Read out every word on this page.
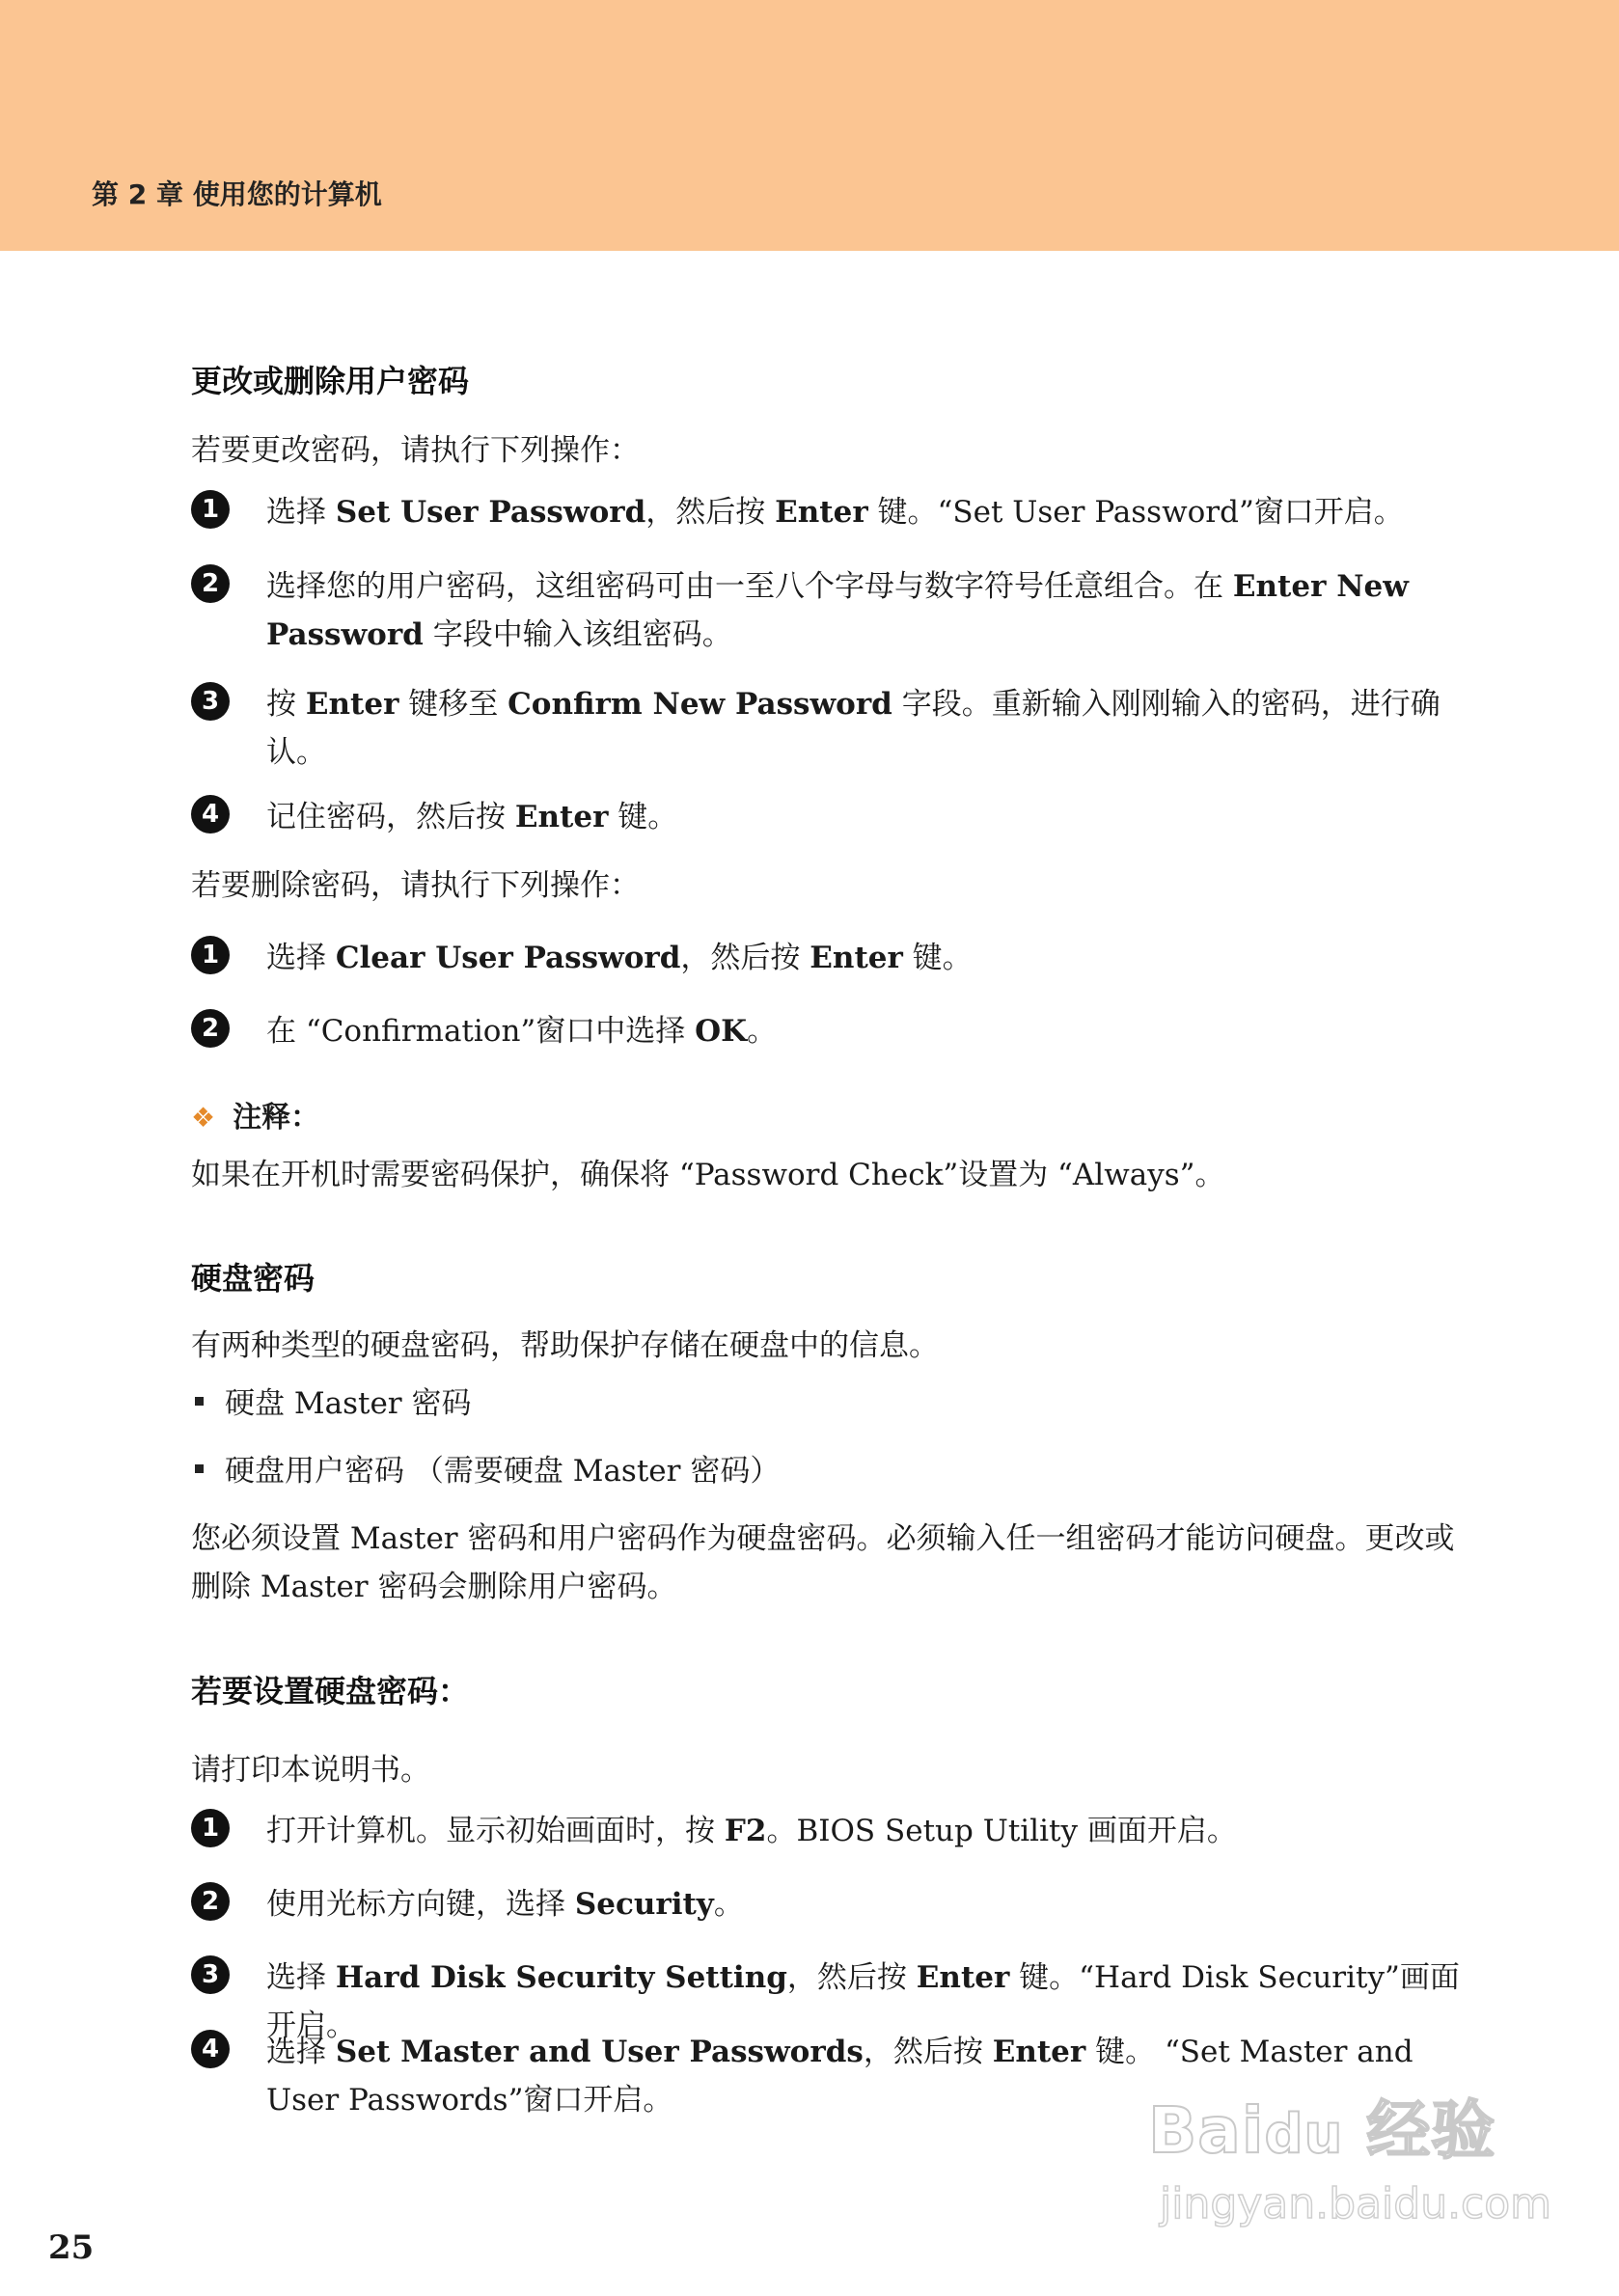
第 2 章 使用您的计算机
更改或删除用户密码
若要更改密码，请执行下列操作：
1	选择 Set User Password，然后按 Enter 键。“Set User Password”窗口开启。
2	选择您的用户密码，这组密码可由一至八个字母与数字符号任意组合。在 Enter New Password 字段中输入该组密码。
3	按 Enter 键移至 Confirm New Password 字段。重新输入刚刚输入的密码，进行确认。
4	记住密码，然后按 Enter 键。
若要删除密码，请执行下列操作：
1	选择 Clear User Password，然后按 Enter 键。
2	在 “Confirmation”窗口中选择 OK。
❖ 注释：
如果在开机时需要密码保护，确保将 “Password Check”设置为 “Always”。
硬盘密码
有两种类型的硬盘密码，帮助保护存储在硬盘中的信息。
硬盘 Master 密码
硬盘用户密码 （需要硬盘 Master 密码）
您必须设置 Master 密码和用户密码作为硬盘密码。必须输入任一组密码才能访问硬盘。更改或删除 Master 密码会删除用户密码。
若要设置硬盘密码：
请打印本说明书。
1	打开计算机。显示初始画面时，按 F2。BIOS Setup Utility 画面开启。
2	使用光标方向键，选择 Security。
3	选择 Hard Disk Security Setting，然后按 Enter 键。“Hard Disk Security”画面开启。
4	选择 Set Master and User Passwords，然后按 Enter 键。 “Set Master and User Passwords”窗口开启。
25
Baidu 经验
jingyan.baidu.com
